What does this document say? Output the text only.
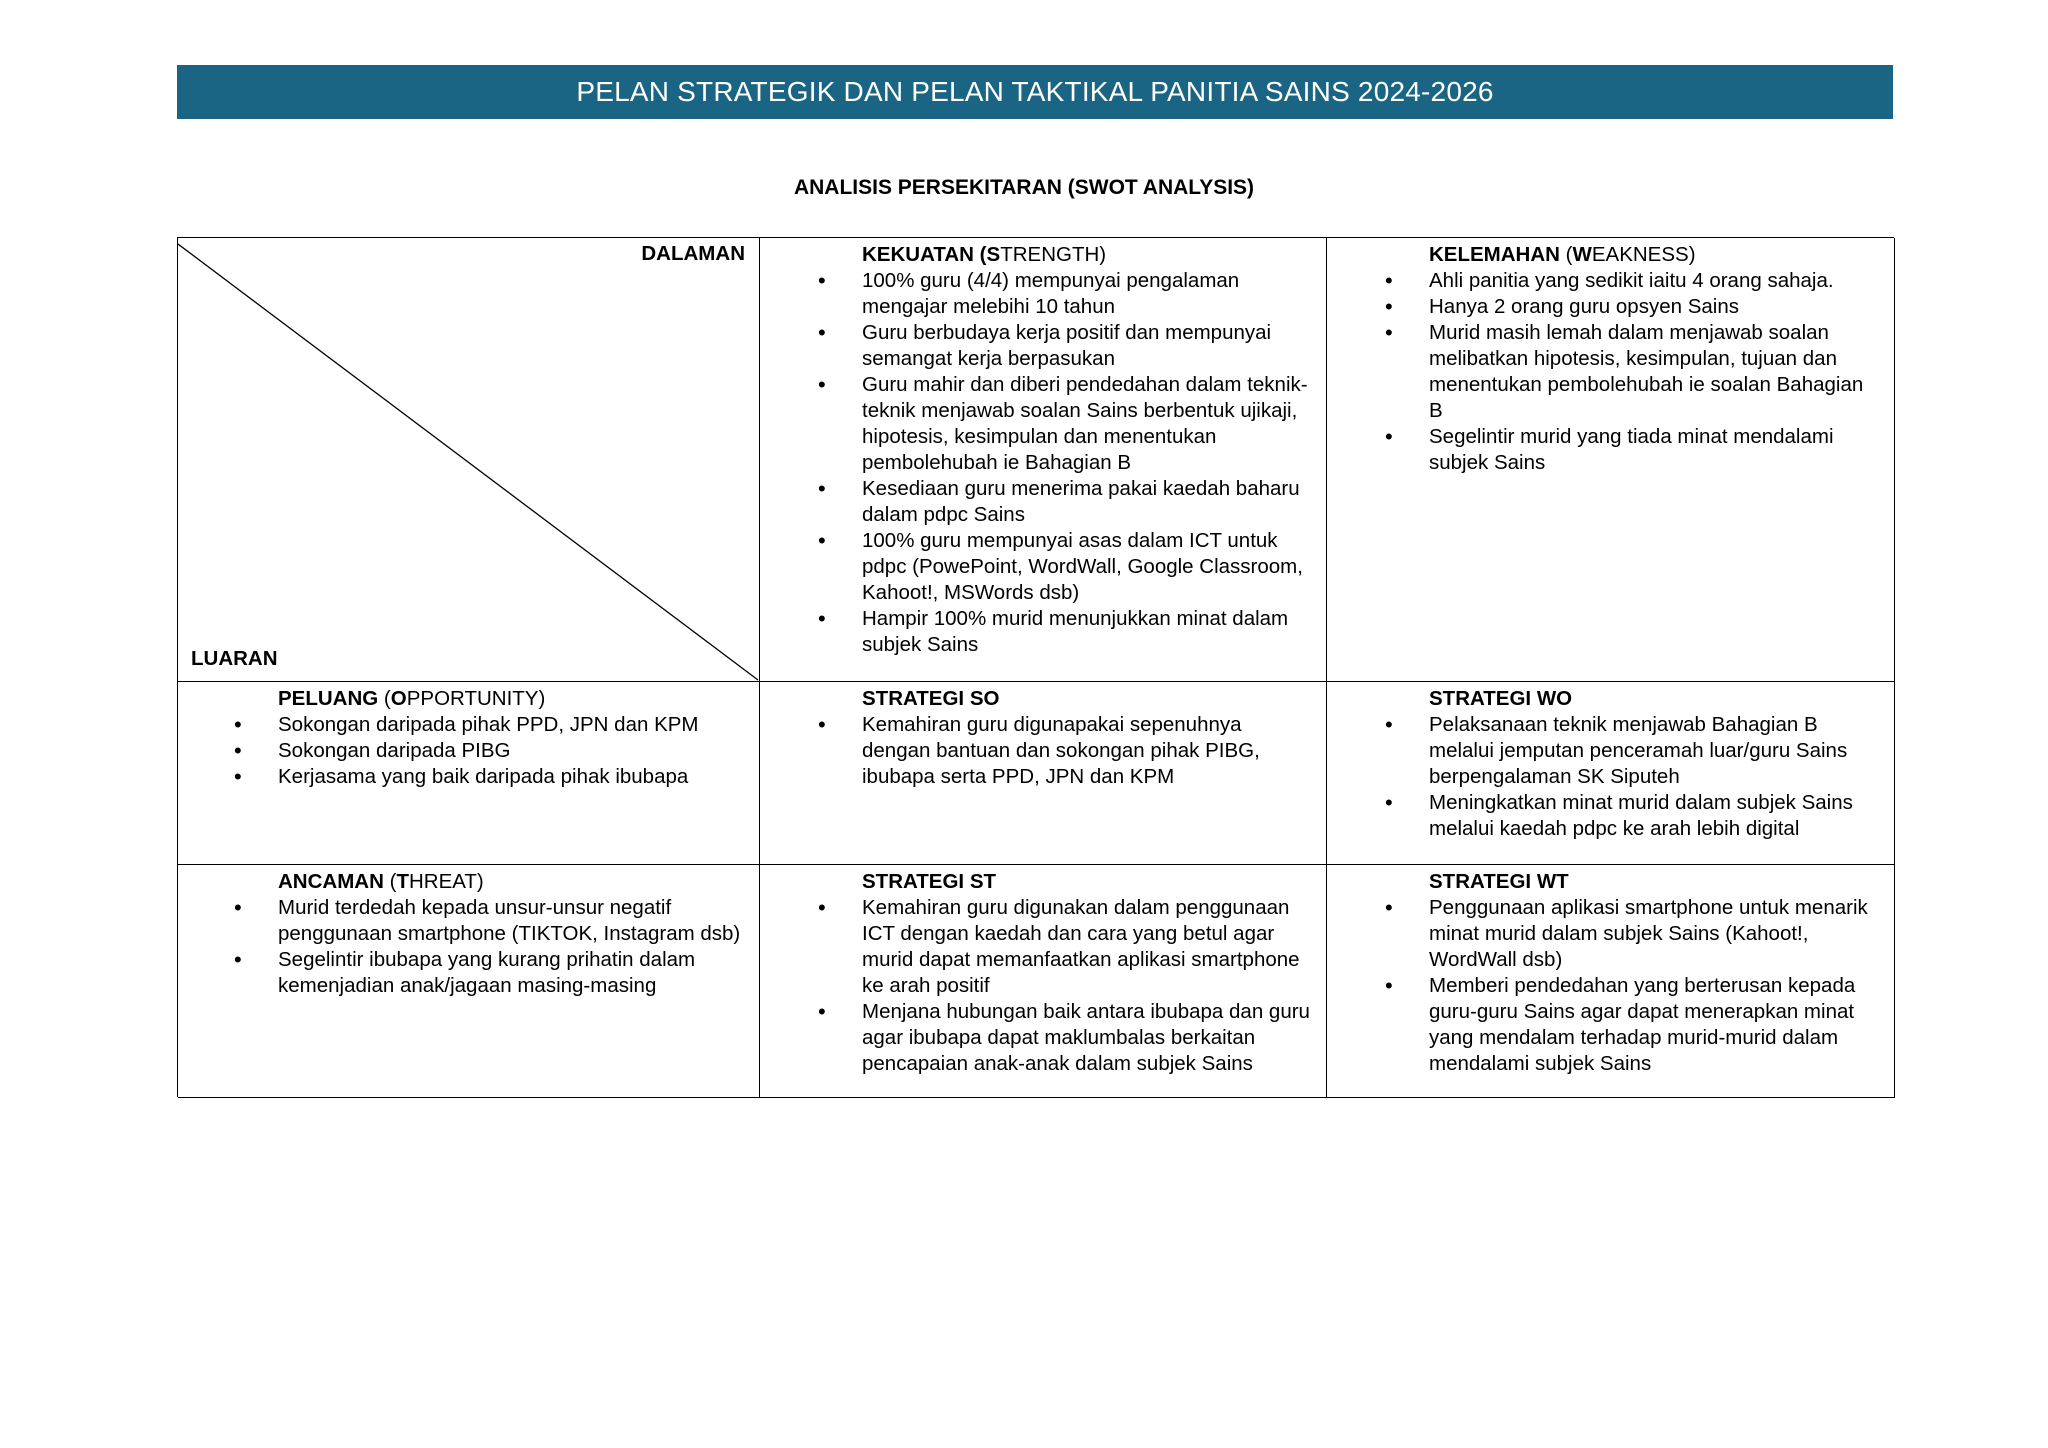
PELAN STRATEGIK DAN PELAN TAKTIKAL PANITIA SAINS 2024-2026
ANALISIS PERSEKITARAN (SWOT ANALYSIS)
DALAMAN
LUARAN
KEKUATAN (STRENGTH)
• 100% guru (4/4) mempunyai pengalaman mengajar melebihi 10 tahun
• Guru berbudaya kerja positif dan mempunyai semangat kerja berpasukan
• Guru mahir dan diberi pendedahan dalam teknik-teknik menjawab soalan Sains berbentuk ujikaji, hipotesis, kesimpulan dan menentukan pembolehubah ie Bahagian B
• Kesediaan guru menerima pakai kaedah baharu dalam pdpc Sains
• 100% guru mempunyai asas dalam ICT untuk pdpc (PowePoint, WordWall, Google Classroom, Kahoot!, MSWords dsb)
• Hampir 100% murid menunjukkan minat dalam subjek Sains
KELEMAHAN (WEAKNESS)
• Ahli panitia yang sedikit iaitu 4 orang sahaja.
• Hanya 2 orang guru opsyen Sains
• Murid masih lemah dalam menjawab soalan melibatkan hipotesis, kesimpulan, tujuan dan menentukan pembolehubah ie soalan Bahagian B
• Segelintir murid yang tiada minat mendalami subjek Sains
PELUANG (OPPORTUNITY)
• Sokongan daripada pihak PPD, JPN dan KPM
• Sokongan daripada PIBG
• Kerjasama yang baik daripada pihak ibubapa
STRATEGI SO
• Kemahiran guru digunapakai sepenuhnya dengan bantuan dan sokongan pihak PIBG, ibubapa serta PPD, JPN dan KPM
STRATEGI WO
• Pelaksanaan teknik menjawab Bahagian B melalui jemputan penceramah luar/guru Sains berpengalaman SK Siputeh
• Meningkatkan minat murid dalam subjek Sains melalui kaedah pdpc ke arah lebih digital
ANCAMAN (THREAT)
• Murid terdedah kepada unsur-unsur negatif penggunaan smartphone (TIKTOK, Instagram dsb)
• Segelintir ibubapa yang kurang prihatin dalam kemenjadian anak/jagaan masing-masing
STRATEGI ST
• Kemahiran guru digunakan dalam penggunaan ICT dengan kaedah dan cara yang betul agar murid dapat memanfaatkan aplikasi smartphone ke arah positif
• Menjana hubungan baik antara ibubapa dan guru agar ibubapa dapat maklumbalas berkaitan pencapaian anak-anak dalam subjek Sains
STRATEGI WT
• Penggunaan aplikasi smartphone untuk menarik minat murid dalam subjek Sains (Kahoot!, WordWall dsb)
• Memberi pendedahan yang berterusan kepada guru-guru Sains agar dapat menerapkan minat yang mendalam terhadap murid-murid dalam mendalami subjek Sains
